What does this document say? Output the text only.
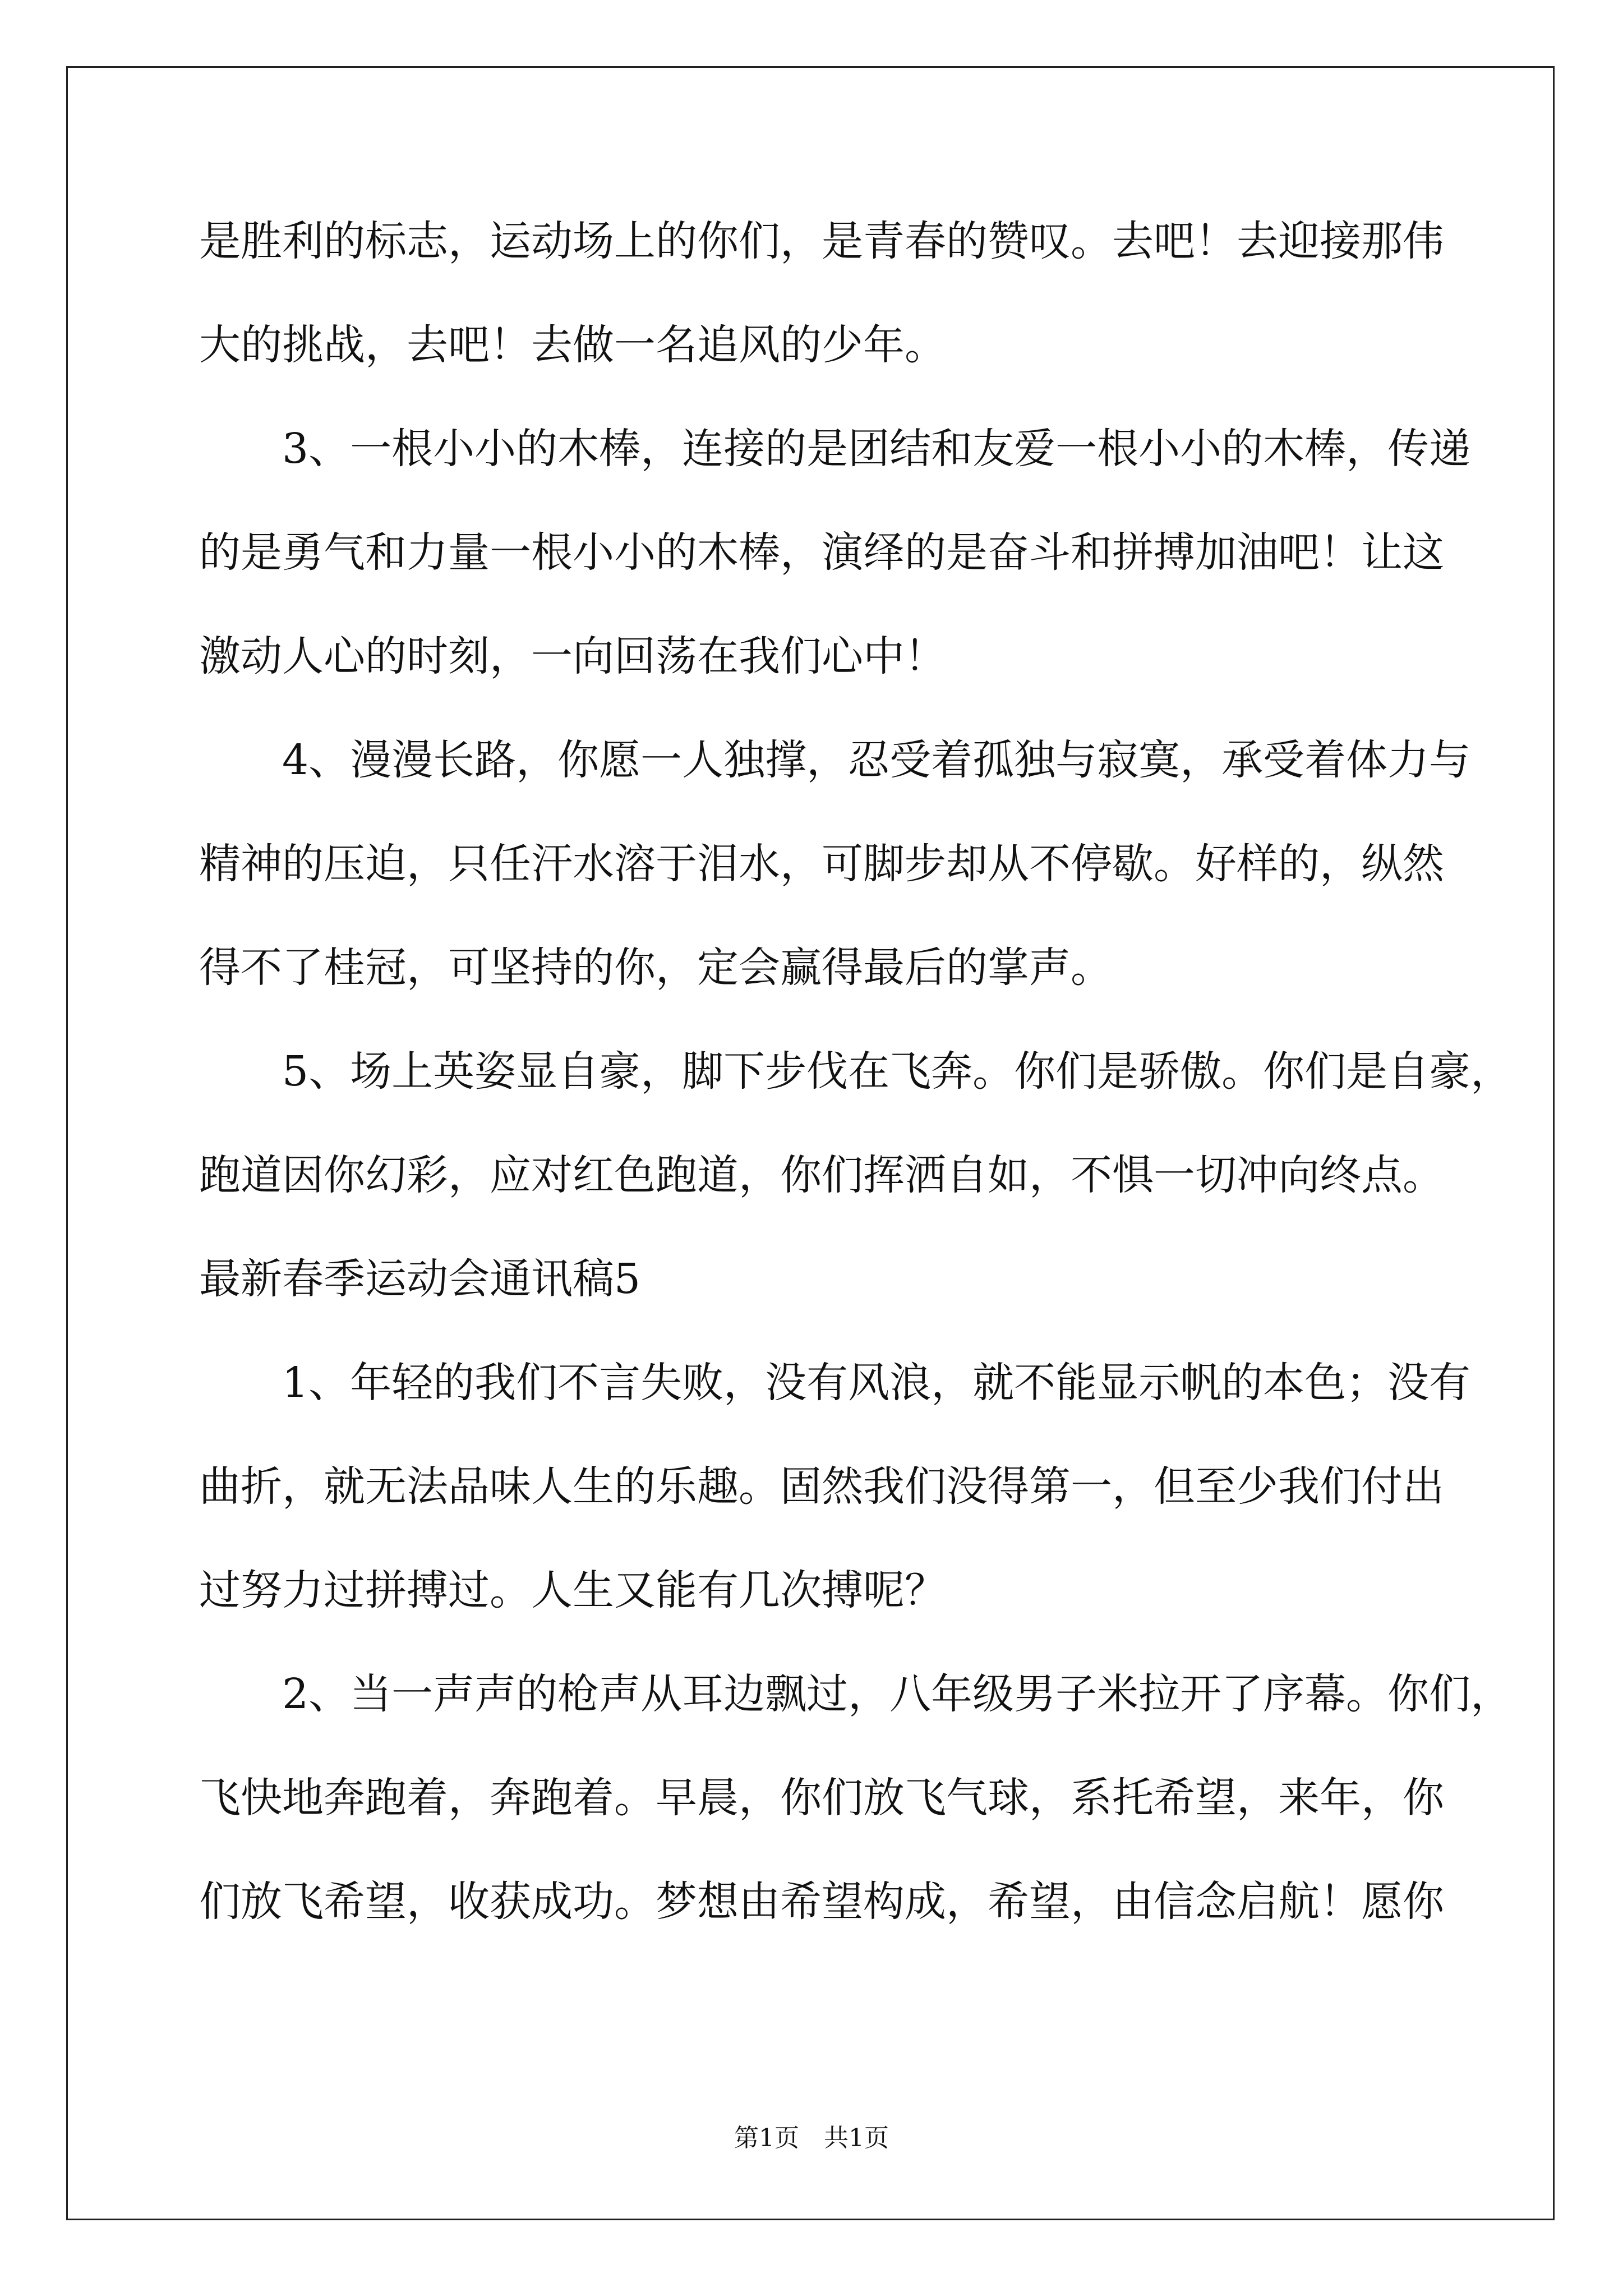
是胜利的标志，运动场上的你们，是青春的赞叹。去吧！去迎接那伟
大的挑战，去吧！去做一名追风的少年。
3、一根小小的木棒，连接的是团结和友爱一根小小的木棒，传递
的是勇气和力量一根小小的木棒，演绎的是奋斗和拼搏加油吧！让这
激动人心的时刻，一向回荡在我们心中！
4、漫漫长路，你愿一人独撑，忍受着孤独与寂寞，承受着体力与
精神的压迫，只任汗水溶于泪水，可脚步却从不停歇。好样的，纵然
得不了桂冠，可坚持的你，定会赢得最后的掌声。
5、场上英姿显自豪，脚下步伐在飞奔。你们是骄傲。你们是自豪，
跑道因你幻彩，应对红色跑道，你们挥洒自如，不惧一切冲向终点。
最新春季运动会通讯稿5
1、年轻的我们不言失败，没有风浪，就不能显示帆的本色；没有
曲折，就无法品味人生的乐趣。固然我们没得第一，但至少我们付出
过努力过拼搏过。人生又能有几次搏呢？
2、当一声声的枪声从耳边飘过，八年级男子米拉开了序幕。你们，
飞快地奔跑着，奔跑着。早晨，你们放飞气球，系托希望，来年，你
们放飞希望，收获成功。梦想由希望构成，希望，由信念启航！愿你
第1页　共1页
